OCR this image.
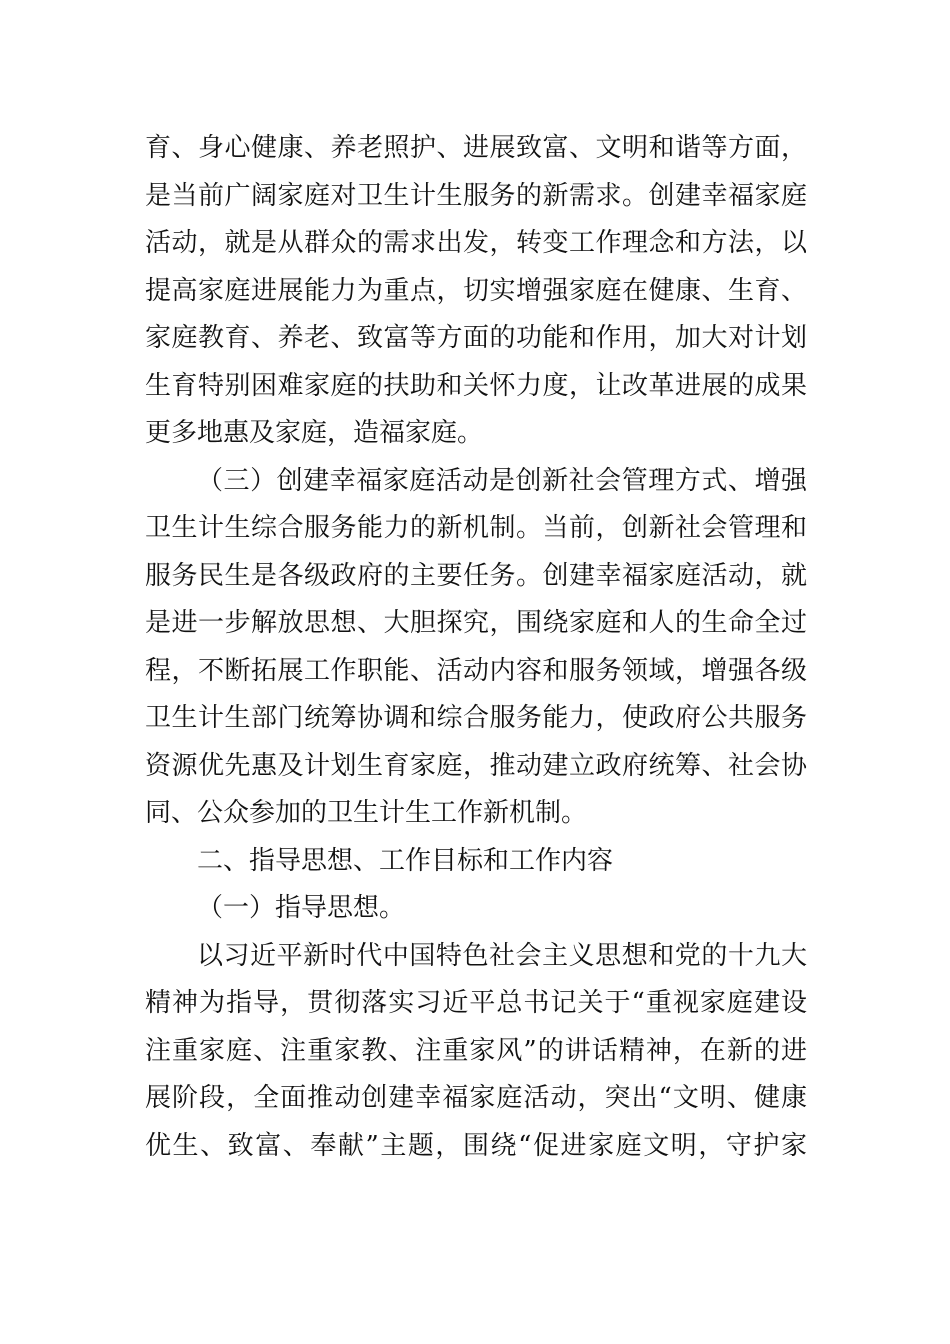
育、身心健康、养老照护、进展致富、文明和谐等方面，
是当前广阔家庭对卫生计生服务的新需求。创建幸福家庭
活动，就是从群众的需求出发，转变工作理念和方法，以
提高家庭进展能力为重点，切实增强家庭在健康、生育、
家庭教育、养老、致富等方面的功能和作用，加大对计划
生育特别困难家庭的扶助和关怀力度，让改革进展的成果
更多地惠及家庭，造福家庭。
（三）创建幸福家庭活动是创新社会管理方式、增强
卫生计生综合服务能力的新机制。当前，创新社会管理和
服务民生是各级政府的主要任务。创建幸福家庭活动，就
是进一步解放思想、大胆探究，围绕家庭和人的生命全过
程，不断拓展工作职能、活动内容和服务领域，增强各级
卫生计生部门统筹协调和综合服务能力，使政府公共服务
资源优先惠及计划生育家庭，推动建立政府统筹、社会协
同、公众参加的卫生计生工作新机制。
二、指导思想、工作目标和工作内容
（一）指导思想。
以习近平新时代中国特色社会主义思想和党的十九大
精神为指导，贯彻落实习近平总书记关于“重视家庭建设
注重家庭、注重家教、注重家风”的讲话精神，在新的进
展阶段，全面推动创建幸福家庭活动，突出“文明、健康
优生、致富、奉献”主题，围绕“促进家庭文明，守护家
